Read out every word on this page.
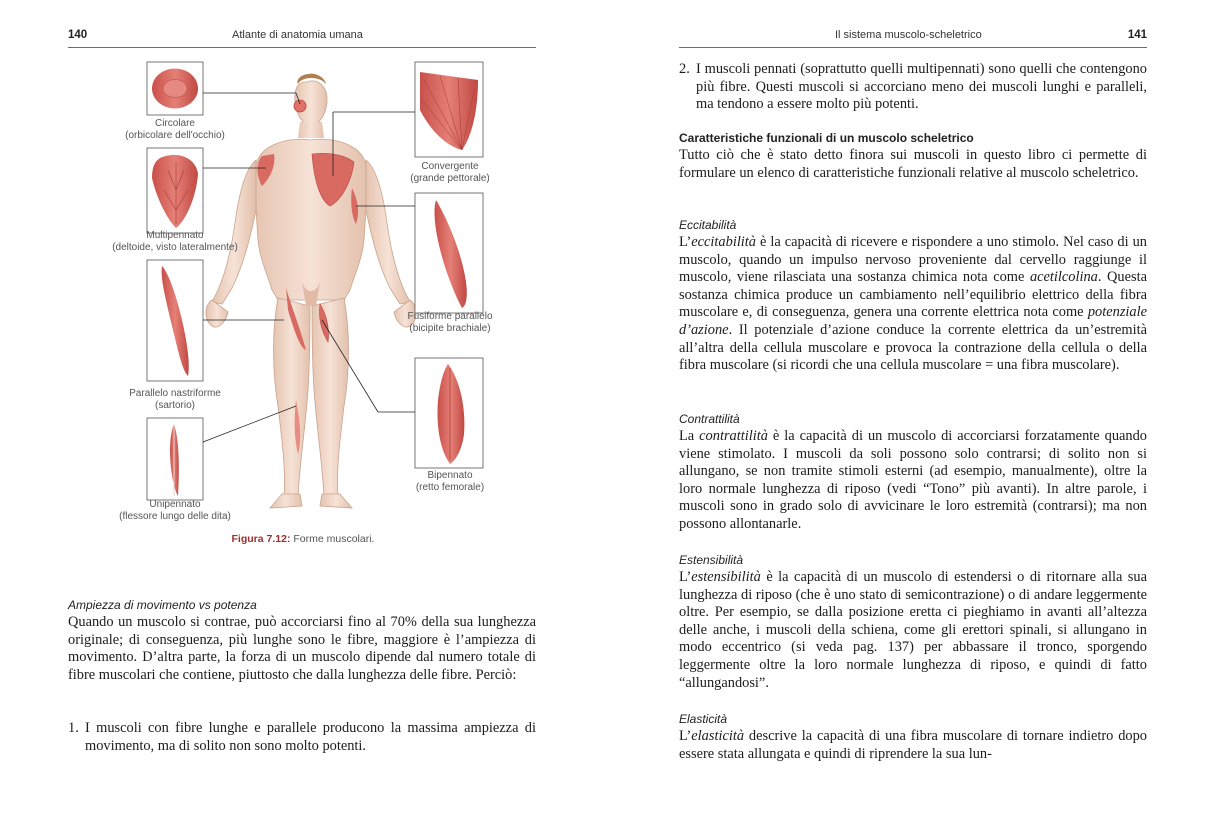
140	Atlante di anatomia umana
Circolare
(orbicolare dell'occhio)
Multipennato
(deltoide, visto lateralmente)
Parallelo nastriforme
(sartorio)
Unipennato
(flessore lungo delle dita)
Convergente
(grande pettorale)
Fusiforme parallelo
(bicipite brachiale)
Bipennato
(retto femorale)
Figura 7.12: Forme muscolari.
Ampiezza di movimento vs potenza
Quando un muscolo si contrae, può accorciarsi fino al 70% della sua lunghezza originale; di conseguenza, più lunghe sono le fibre, maggiore è l’ampiezza di movimento. D’altra parte, la forza di un muscolo dipende dal numero totale di fibre muscolari che contiene, piuttosto che dalla lunghezza delle fibre. Perciò:
1. I muscoli con fibre lunghe e parallele producono la massima ampiezza di movimento, ma di solito non sono molto potenti.
Il sistema muscolo-scheletrico	141
2. I muscoli pennati (soprattutto quelli multipennati) sono quelli che contengono più fibre. Questi muscoli si accorciano meno dei muscoli lunghi e paralleli, ma tendono a essere molto più potenti.
Caratteristiche funzionali di un muscolo scheletrico
Tutto ciò che è stato detto finora sui muscoli in questo libro ci permette di formulare un elenco di caratteristiche funzionali relative al muscolo scheletrico.
Eccitabilità
L’eccitabilità è la capacità di ricevere e rispondere a uno stimolo. Nel caso di un muscolo, quando un impulso nervoso proveniente dal cervello raggiunge il muscolo, viene rilasciata una sostanza chimica nota come acetilcolina. Questa sostanza chimica produce un cambiamento nell’equilibrio elettrico della fibra muscolare e, di conseguenza, genera una corrente elettrica nota come potenziale d’azione. Il potenziale d’azione conduce la corrente elettrica da un’estremità all’altra della cellula muscolare e provoca la contrazione della cellula o della fibra muscolare (si ricordi che una cellula muscolare = una fibra muscolare).
Contrattilità
La contrattilità è la capacità di un muscolo di accorciarsi forzatamente quando viene stimolato. I muscoli da soli possono solo contrarsi; di solito non si allungano, se non tramite stimoli esterni (ad esempio, manualmente), oltre la loro normale lunghezza di riposo (vedi “Tono” più avanti). In altre parole, i muscoli sono in grado solo di avvicinare le loro estremità (contrarsi); ma non possono allontanarle.
Estensibilità
L’estensibilità è la capacità di un muscolo di estendersi o di ritornare alla sua lunghezza di riposo (che è uno stato di semicontrazione) o di andare leggermente oltre. Per esempio, se dalla posizione eretta ci pieghiamo in avanti all’altezza delle anche, i muscoli della schiena, come gli erettori spinali, si allungano in modo eccentrico (si veda pag. 137) per abbassare il tronco, sporgendo leggermente oltre la loro normale lunghezza di riposo, e quindi di fatto “allungandosi”.
Elasticità
L’elasticità descrive la capacità di una fibra muscolare di tornare indietro dopo essere stata allungata e quindi di riprendere la sua lun-
